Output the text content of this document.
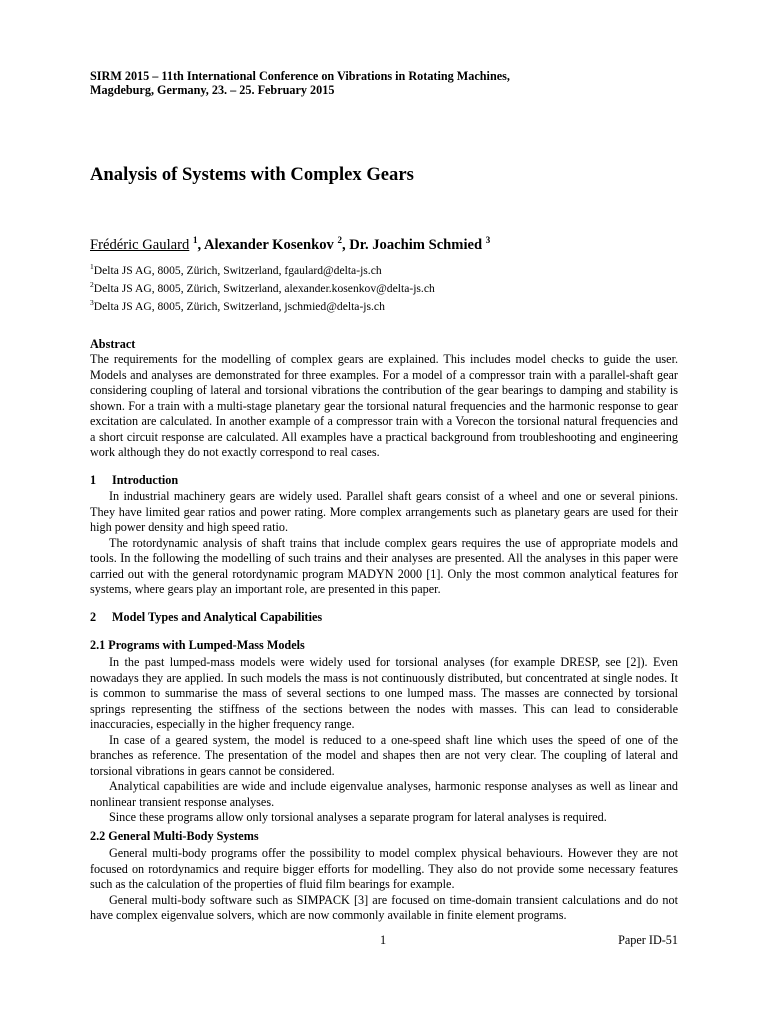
SIRM 2015 – 11th International Conference on Vibrations in Rotating Machines,
Magdeburg, Germany, 23. – 25. February 2015
Analysis of Systems with Complex Gears
Frédéric Gaulard $^1$, Alexander Kosenkov $^2$, Dr. Joachim Schmied $^3$
$^1$Delta JS AG, 8005, Zürich, Switzerland, fgaulard@delta-js.ch
$^2$Delta JS AG, 8005, Zürich, Switzerland, alexander.kosenkov@delta-js.ch
$^3$Delta JS AG, 8005, Zürich, Switzerland, jschmied@delta-js.ch
Abstract
The requirements for the modelling of complex gears are explained. This includes model checks to guide the user. Models and analyses are demonstrated for three examples. For a model of a compressor train with a parallel-shaft gear considering coupling of lateral and torsional vibrations the contribution of the gear bearings to damping and stability is shown. For a train with a multi-stage planetary gear the torsional natural frequencies and the harmonic response to gear excitation are calculated. In another example of a compressor train with a Vorecon the torsional natural frequencies and a short circuit response are calculated. All examples have a practical background from troubleshooting and engineering work although they do not exactly correspond to real cases.
1 Introduction
In industrial machinery gears are widely used. Parallel shaft gears consist of a wheel and one or several pinions. They have limited gear ratios and power rating. More complex arrangements such as planetary gears are used for their high power density and high speed ratio.
The rotordynamic analysis of shaft trains that include complex gears requires the use of appropriate models and tools. In the following the modelling of such trains and their analyses are presented. All the analyses in this paper were carried out with the general rotordynamic program MADYN 2000 [1]. Only the most common analytical features for systems, where gears play an important role, are presented in this paper.
2 Model Types and Analytical Capabilities
2.1 Programs with Lumped-Mass Models
In the past lumped-mass models were widely used for torsional analyses (for example DRESP, see [2]). Even nowadays they are applied. In such models the mass is not continuously distributed, but concentrated at single nodes. It is common to summarise the mass of several sections to one lumped mass. The masses are connected by torsional springs representing the stiffness of the sections between the nodes with masses. This can lead to considerable inaccuracies, especially in the higher frequency range.
In case of a geared system, the model is reduced to a one-speed shaft line which uses the speed of one of the branches as reference. The presentation of the model and shapes then are not very clear. The coupling of lateral and torsional vibrations in gears cannot be considered.
Analytical capabilities are wide and include eigenvalue analyses, harmonic response analyses as well as linear and nonlinear transient response analyses.
Since these programs allow only torsional analyses a separate program for lateral analyses is required.
2.2 General Multi-Body Systems
General multi-body programs offer the possibility to model complex physical behaviours. However they are not focused on rotordynamics and require bigger efforts for modelling. They also do not provide some necessary features such as the calculation of the properties of fluid film bearings for example.
General multi-body software such as SIMPACK [3] are focused on time-domain transient calculations and do not have complex eigenvalue solvers, which are now commonly available in finite element programs.
1	Paper ID-51
